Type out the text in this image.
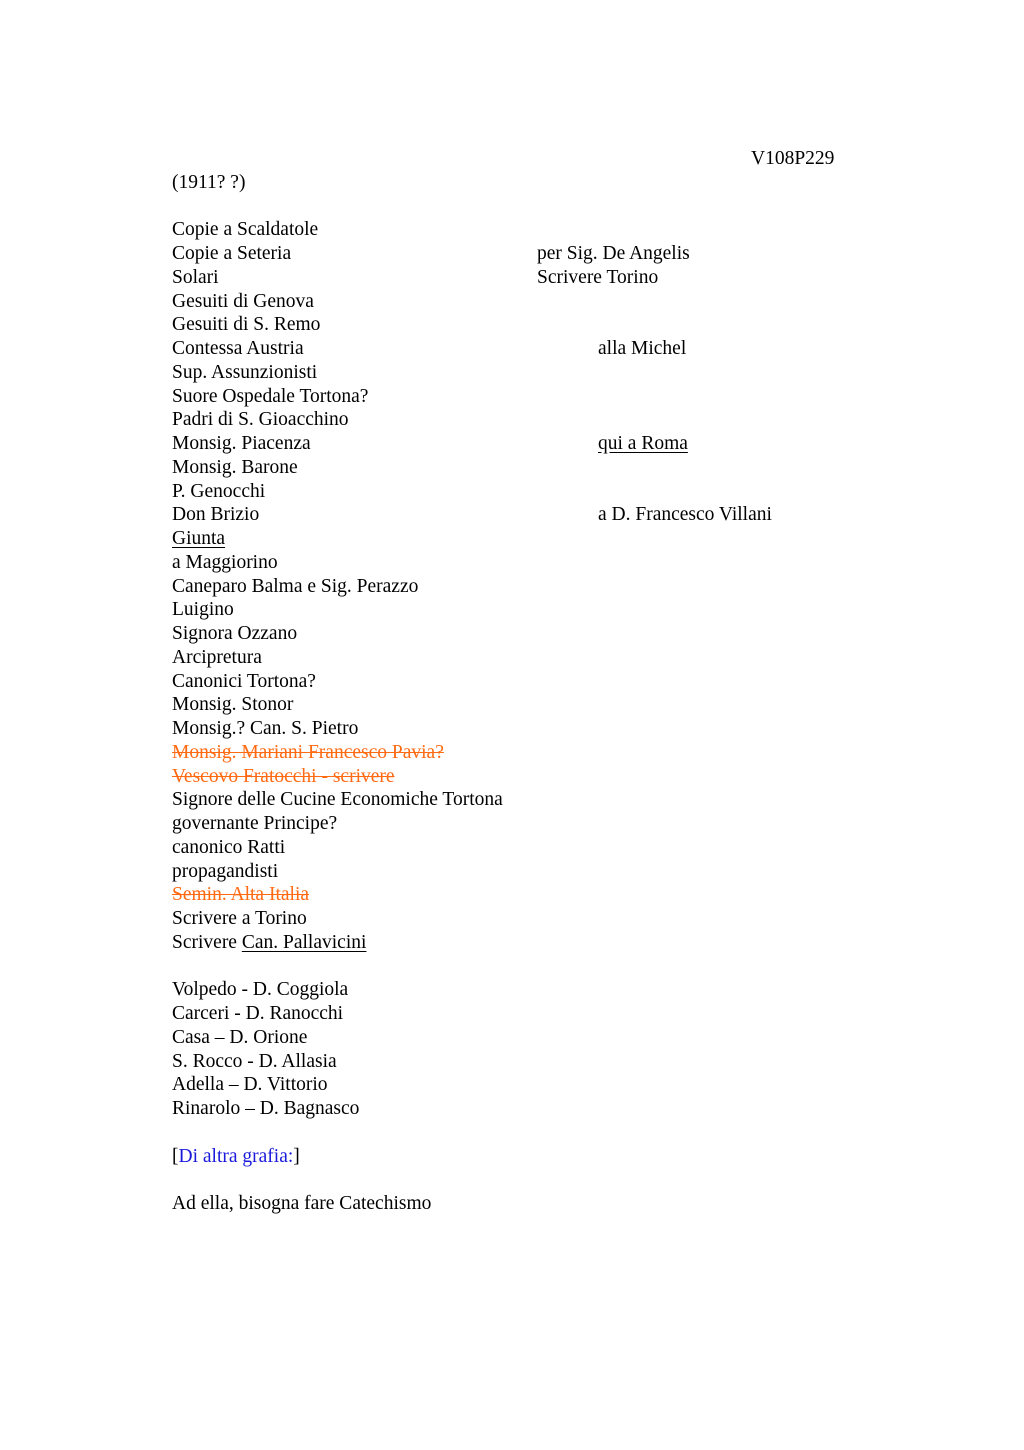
V108P229
(1911? ?)
Copie a Scaldatole
Copie a Seteria
Solari
Gesuiti di Genova
Gesuiti di S. Remo
Contessa Austria
Sup. Assunzionisti
Suore Ospedale Tortona?
Padri di S. Gioacchino
Monsig. Piacenza
Monsig. Barone
P. Genocchi
Don Brizio
Giunta
a Maggiorino
Caneparo Balma e Sig. Perazzo
Luigino
Signora Ozzano
Arcipretura
Canonici Tortona?
Monsig. Stonor
Monsig.? Can. S. Pietro
Monsig. Mariani Francesco Pavia?
Vescovo Fratocchi - scrivere
Signore delle Cucine Economiche Tortona
governante Principe?
canonico Ratti
propagandisti
Semin. Alta Italia
Scrivere a Torino
Scrivere Can. Pallavicini
per Sig. De Angelis
Scrivere Torino
alla Michel
qui a Roma
a D. Francesco Villani
Volpedo - D. Coggiola
Carceri - D. Ranocchi
Casa – D. Orione
S. Rocco - D. Allasia
Adella – D. Vittorio
Rinarolo – D. Bagnasco
[Di altra grafia:]
Ad ella, bisogna fare Catechismo
